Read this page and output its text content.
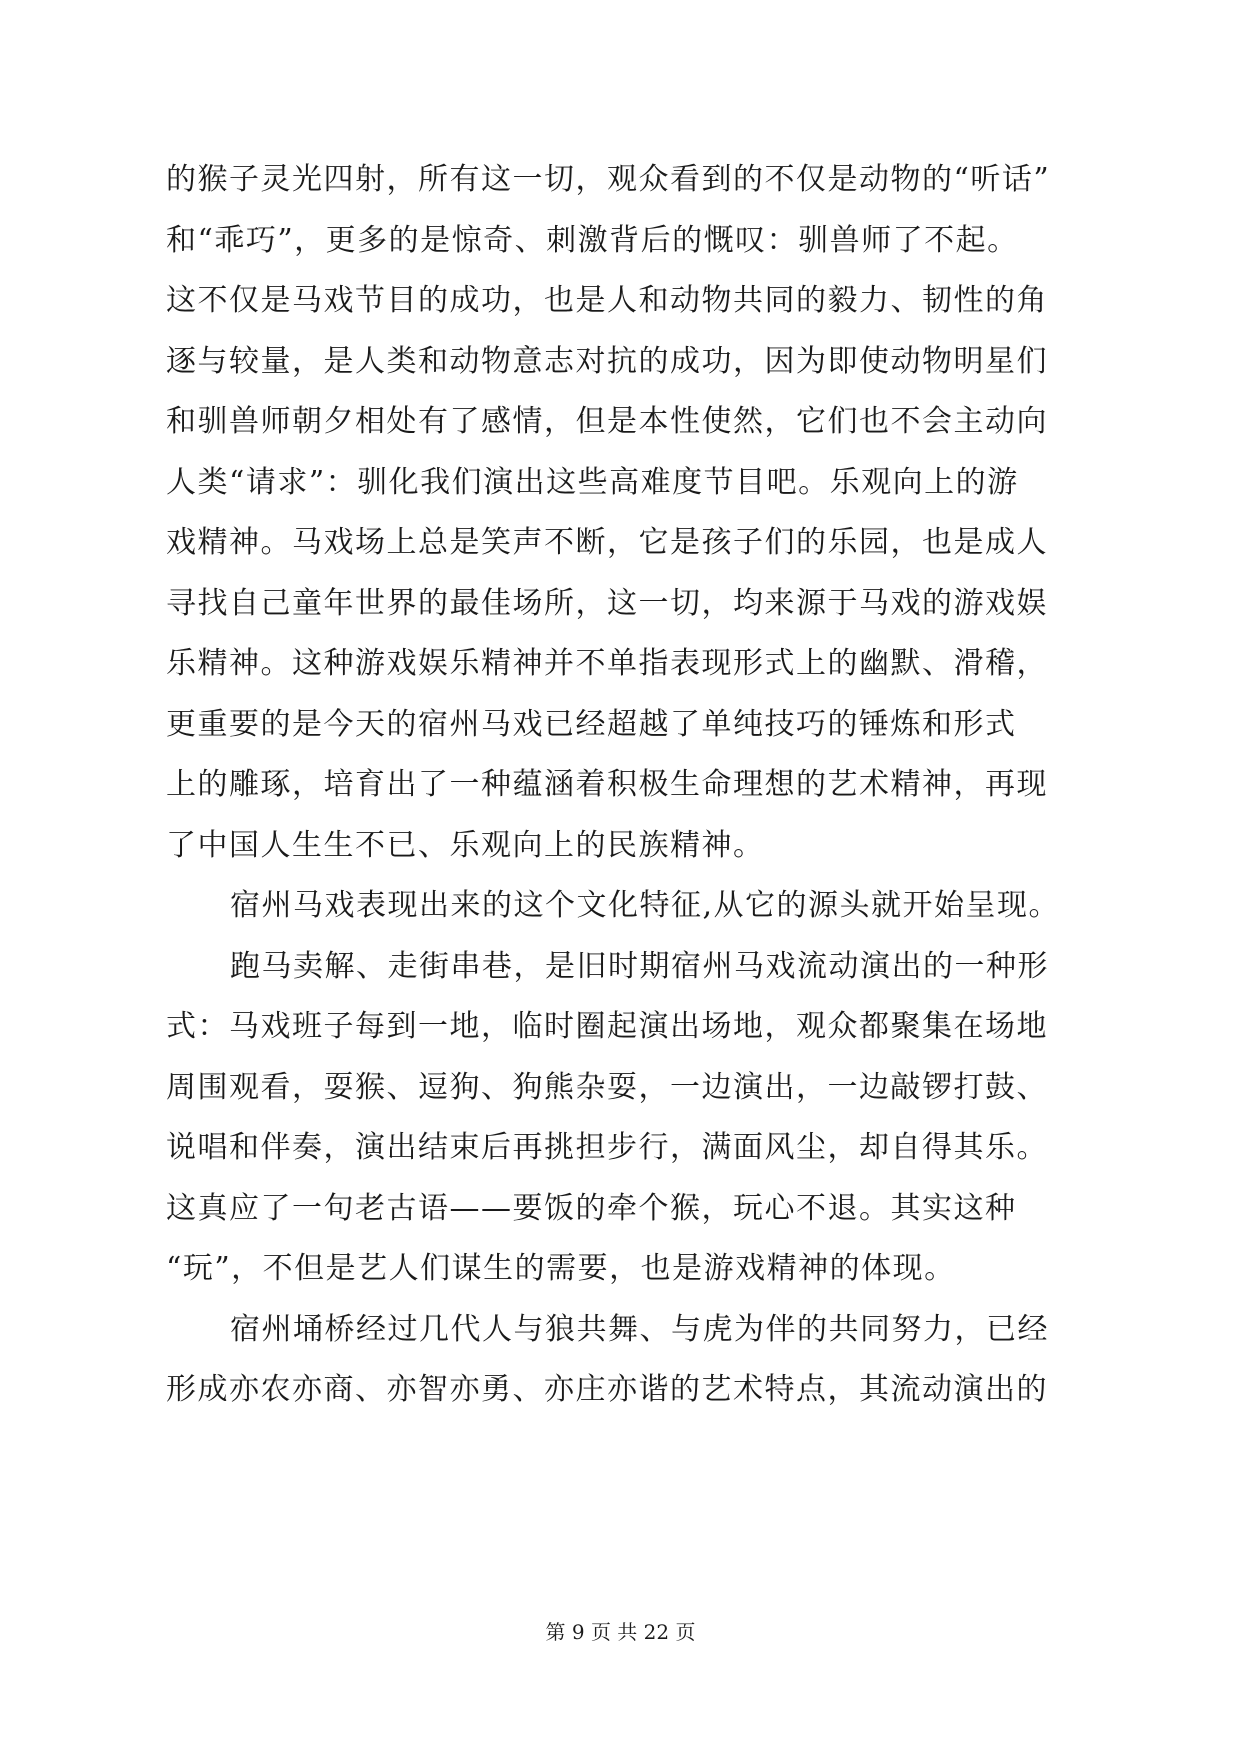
的猴子灵光四射，所有这一切，观众看到的不仅是动物的“听话”
和“乖巧”，更多的是惊奇、刺激背后的慨叹：驯兽师了不起。
这不仅是马戏节目的成功，也是人和动物共同的毅力、韧性的角
逐与较量，是人类和动物意志对抗的成功，因为即使动物明星们
和驯兽师朝夕相处有了感情，但是本性使然，它们也不会主动向
人类“请求”：驯化我们演出这些高难度节目吧。乐观向上的游
戏精神。马戏场上总是笑声不断，它是孩子们的乐园，也是成人
寻找自己童年世界的最佳场所，这一切，均来源于马戏的游戏娱
乐精神。这种游戏娱乐精神并不单指表现形式上的幽默、滑稽，
更重要的是今天的宿州马戏已经超越了单纯技巧的锤炼和形式
上的雕琢，培育出了一种蕴涵着积极生命理想的艺术精神，再现
了中国人生生不已、乐观向上的民族精神。
宿州马戏表现出来的这个文化特征,从它的源头就开始呈现。
跑马卖解、走街串巷，是旧时期宿州马戏流动演出的一种形
式：马戏班子每到一地，临时圈起演出场地，观众都聚集在场地
周围观看，耍猴、逗狗、狗熊杂耍，一边演出，一边敲锣打鼓、
说唱和伴奏，演出结束后再挑担步行，满面风尘，却自得其乐。
这真应了一句老古语——要饭的牵个猴，玩心不退。其实这种
“玩”，不但是艺人们谋生的需要，也是游戏精神的体现。
宿州埇桥经过几代人与狼共舞、与虎为伴的共同努力，已经
形成亦农亦商、亦智亦勇、亦庄亦谐的艺术特点，其流动演出的
第 9 页 共 22 页
